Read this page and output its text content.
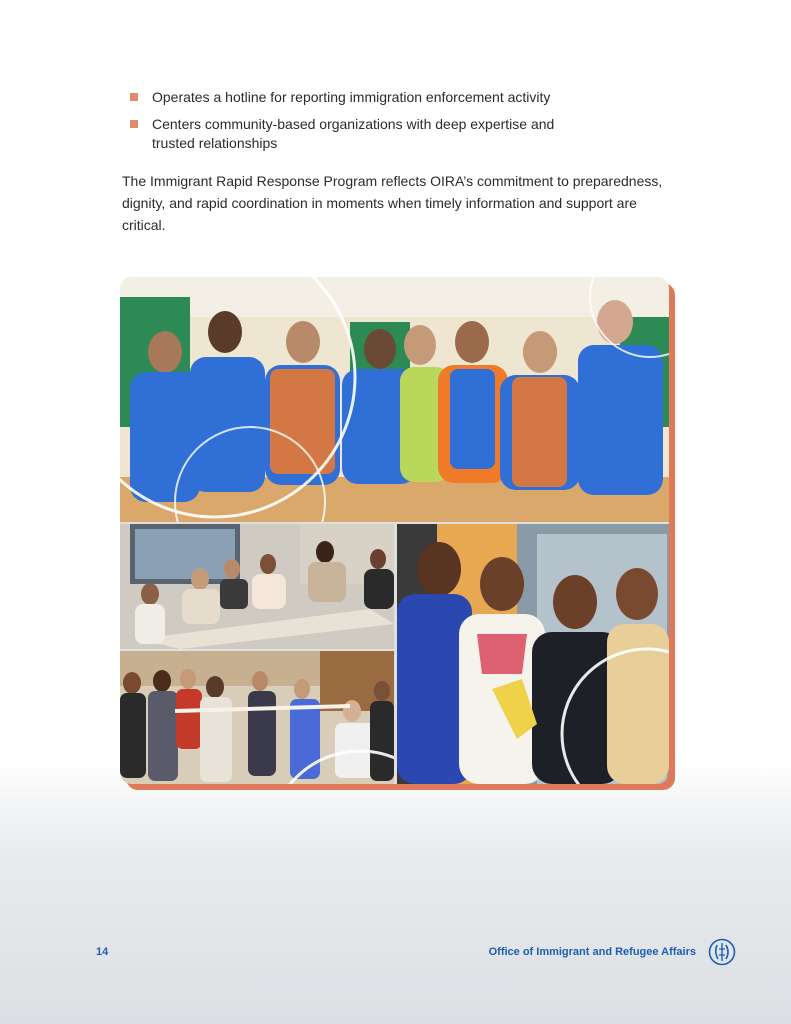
Operates a hotline for reporting immigration enforcement activity
Centers community-based organizations with deep expertise and trusted relationships
The Immigrant Rapid Response Program reflects OIRA’s commitment to preparedness, dignity, and rapid coordination in moments when timely information and support are critical.
14	Office of Immigrant and Refugee Affairs
